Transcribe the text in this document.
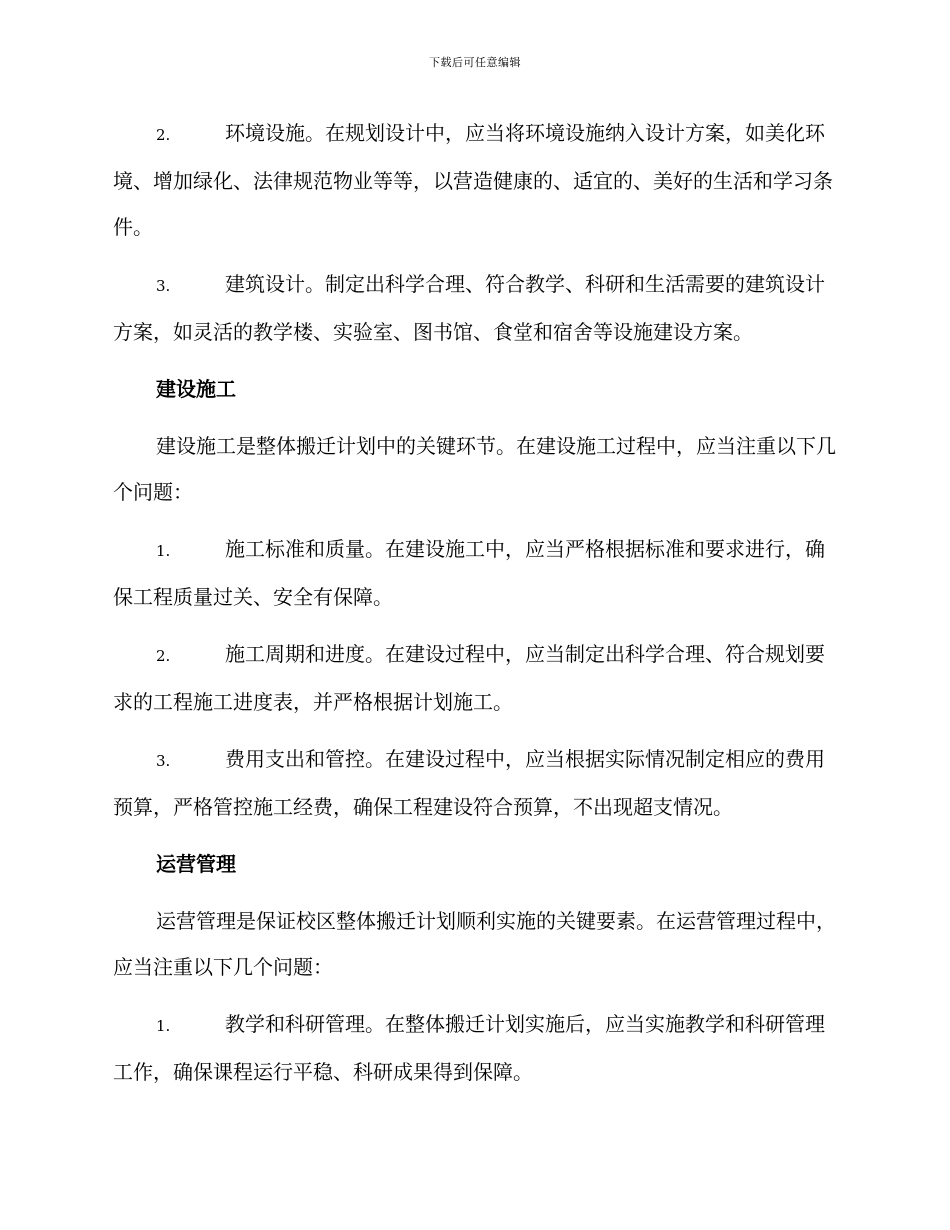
下载后可任意编辑

2.	环境设施。在规划设计中，应当将环境设施纳入设计方案，如美化环境、增加绿化、法律规范物业等等，以营造健康的、适宜的、美好的生活和学习条件。

3.	建筑设计。制定出科学合理、符合教学、科研和生活需要的建筑设计方案，如灵活的教学楼、实验室、图书馆、食堂和宿舍等设施建设方案。

建设施工

建设施工是整体搬迁计划中的关键环节。在建设施工过程中，应当注重以下几个问题：

1.	施工标准和质量。在建设施工中，应当严格根据标准和要求进行，确保工程质量过关、安全有保障。

2.	施工周期和进度。在建设过程中，应当制定出科学合理、符合规划要求的工程施工进度表，并严格根据计划施工。

3.	费用支出和管控。在建设过程中，应当根据实际情况制定相应的费用预算，严格管控施工经费，确保工程建设符合预算，不出现超支情况。

运营管理

运营管理是保证校区整体搬迁计划顺利实施的关键要素。在运营管理过程中，应当注重以下几个问题：

1.	教学和科研管理。在整体搬迁计划实施后，应当实施教学和科研管理工作，确保课程运行平稳、科研成果得到保障。
